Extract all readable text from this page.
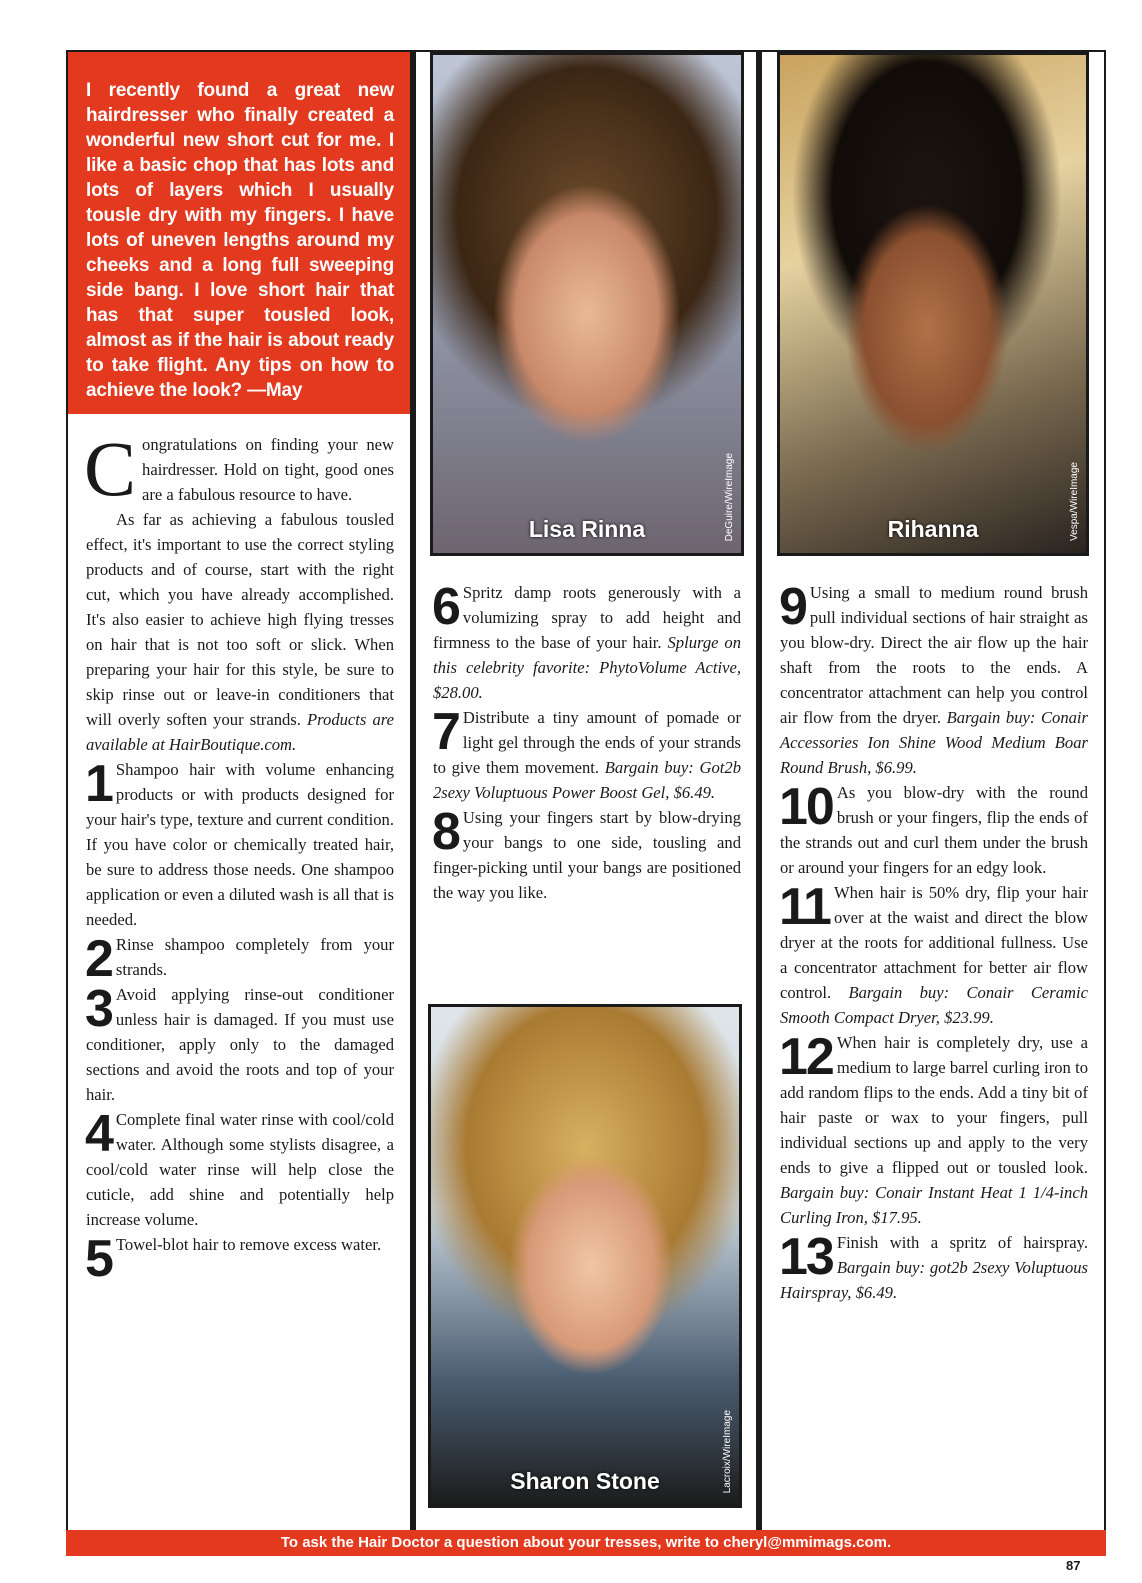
I recently found a great new hairdresser who finally created a wonderful new short cut for me. I like a basic chop that has lots and lots of layers which I usually tousle dry with my fingers. I have lots of uneven lengths around my cheeks and a long full sweeping side bang. I love short hair that has that super tousled look, almost as if the hair is about ready to take flight. Any tips on how to achieve the look? —May

Congratulations on finding your new hairdresser. Hold on tight, good ones are a fabulous resource to have.

As far as achieving a fabulous tousled effect, it's important to use the correct styling products and of course, start with the right cut, which you have already accomplished. It's also easier to achieve high flying tresses on hair that is not too soft or slick. When preparing your hair for this style, be sure to skip rinse out or leave-in conditioners that will overly soften your strands. Products are available at HairBoutique.com.

1 Shampoo hair with volume enhancing products or with products designed for your hair's type, texture and current condition. If you have color or chemically treated hair, be sure to address those needs. One shampoo application or even a diluted wash is all that is needed.

2 Rinse shampoo completely from your strands.

3 Avoid applying rinse-out conditioner unless hair is damaged. If you must use conditioner, apply only to the damaged sections and avoid the roots and top of your hair.

4 Complete final water rinse with cool/cold water. Although some stylists disagree, a cool/cold water rinse will help close the cuticle, add shine and potentially help increase volume.

5 Towel-blot hair to remove excess water.

Lisa Rinna	DeGuire/WireImage
Sharon Stone	Lacroix/WireImage

6 Spritz damp roots generously with a volumizing spray to add height and firmness to the base of your hair. Splurge on this celebrity favorite: PhytoVolume Active, $28.00.

7 Distribute a tiny amount of pomade or light gel through the ends of your strands to give them movement. Bargain buy: Got2b 2sexy Voluptuous Power Boost Gel, $6.49.

8 Using your fingers start by blow-drying your bangs to one side, tousling and finger-picking until your bangs are positioned the way you like.

Rihanna	Vespa/WireImage

9 Using a small to medium round brush pull individual sections of hair straight as you blow-dry. Direct the air flow up the hair shaft from the roots to the ends. A concentrator attachment can help you control air flow from the dryer. Bargain buy: Conair Accessories Ion Shine Wood Medium Boar Round Brush, $6.99.

10 As you blow-dry with the round brush or your fingers, flip the ends of the strands out and curl them under the brush or around your fingers for an edgy look.

11 When hair is 50% dry, flip your hair over at the waist and direct the blow dryer at the roots for additional fullness. Use a concentrator attachment for better air flow control. Bargain buy: Conair Ceramic Smooth Compact Dryer, $23.99.

12 When hair is completely dry, use a medium to large barrel curling iron to add random flips to the ends. Add a tiny bit of hair paste or wax to your fingers, pull individual sections up and apply to the very ends to give a flipped out or tousled look. Bargain buy: Conair Instant Heat 1 1/4-inch Curling Iron, $17.95.

13 Finish with a spritz of hairspray. Bargain buy: got2b 2sexy Voluptuous Hairspray, $6.49.

To ask the Hair Doctor a question about your tresses, write to cheryl@mmimags.com.
87
